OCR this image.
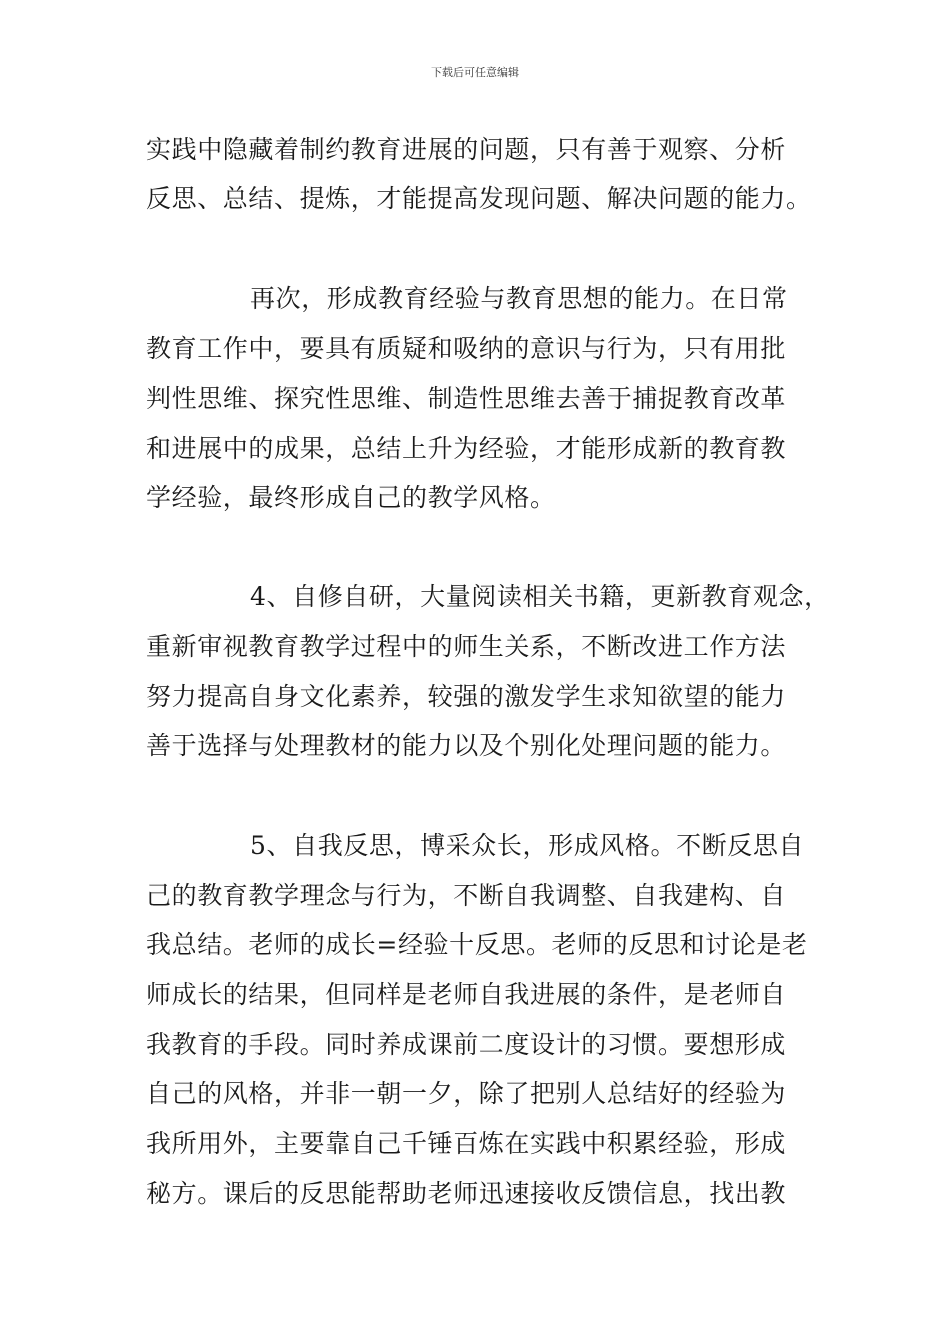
下载后可任意编辑
实践中隐藏着制约教育进展的问题，只有善于观察、分析
反思、总结、提炼，才能提高发现问题、解决问题的能力。
再次，形成教育经验与教育思想的能力。在日常
教育工作中，要具有质疑和吸纳的意识与行为，只有用批
判性思维、探究性思维、制造性思维去善于捕捉教育改革
和进展中的成果，总结上升为经验，才能形成新的教育教
学经验，最终形成自己的教学风格。
4、自修自研，大量阅读相关书籍，更新教育观念，
重新审视教育教学过程中的师生关系，不断改进工作方法
努力提高自身文化素养，较强的激发学生求知欲望的能力
善于选择与处理教材的能力以及个别化处理问题的能力。
5、自我反思，博采众长，形成风格。不断反思自
己的教育教学理念与行为，不断自我调整、自我建构、自
我总结。老师的成长=经验十反思。老师的反思和讨论是老
师成长的结果，但同样是老师自我进展的条件，是老师自
我教育的手段。同时养成课前二度设计的习惯。要想形成
自己的风格，并非一朝一夕，除了把别人总结好的经验为
我所用外，主要靠自己千锤百炼在实践中积累经验，形成
秘方。课后的反思能帮助老师迅速接收反馈信息，找出教
